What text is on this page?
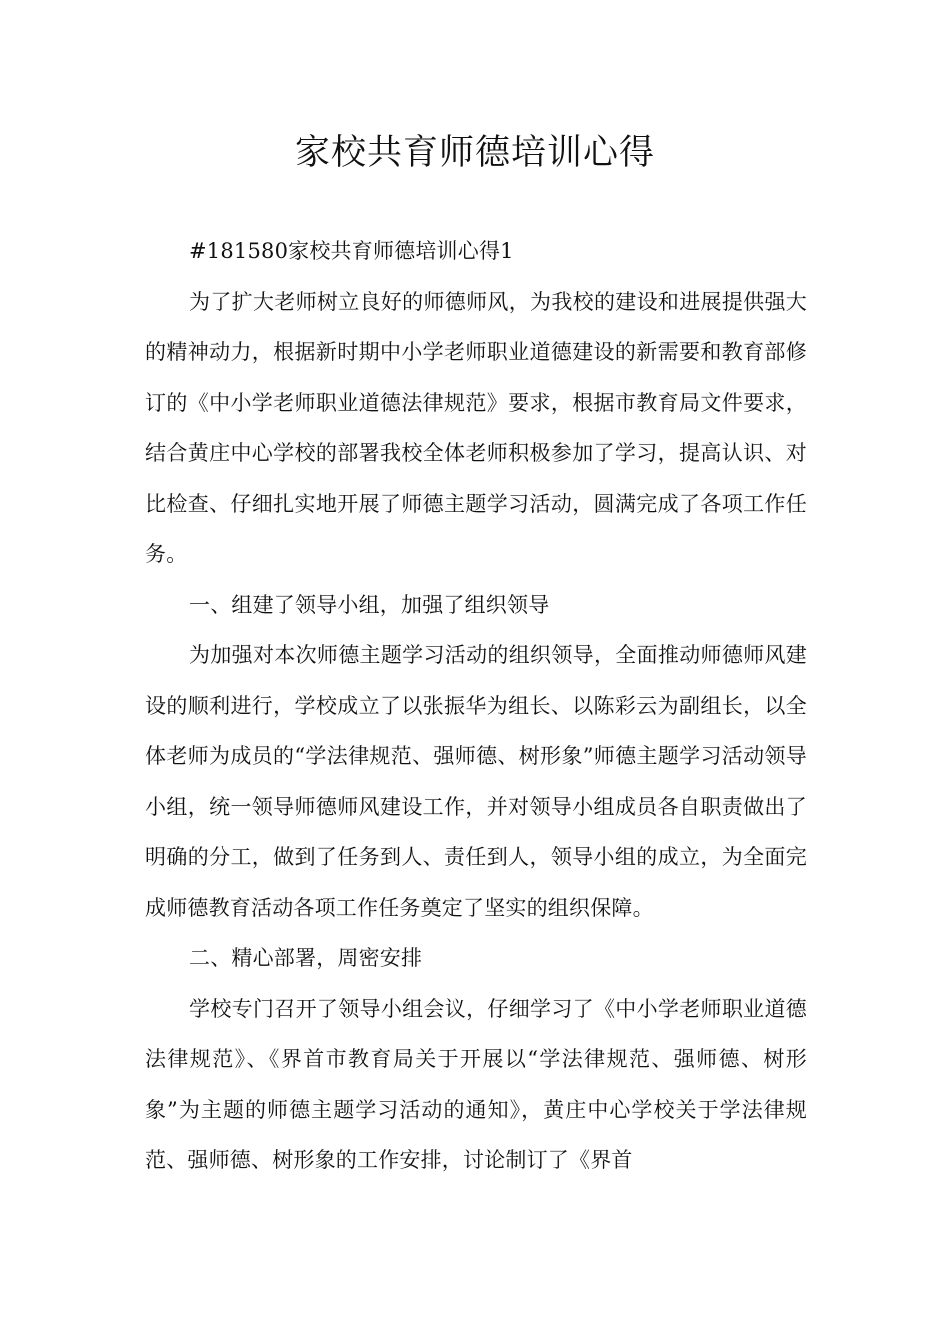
家校共育师德培训心得

#181580家校共育师德培训心得1

为了扩大老师树立良好的师德师风，为我校的建设和进展提供强大的精神动力，根据新时期中小学老师职业道德建设的新需要和教育部修订的《中小学老师职业道德法律规范》要求，根据市教育局文件要求，结合黄庄中心学校的部署我校全体老师积极参加了学习，提高认识、对比检查、仔细扎实地开展了师德主题学习活动，圆满完成了各项工作任务。

一、组建了领导小组，加强了组织领导

为加强对本次师德主题学习活动的组织领导，全面推动师德师风建设的顺利进行，学校成立了以张振华为组长、以陈彩云为副组长，以全体老师为成员的“学法律规范、强师德、树形象”师德主题学习活动领导小组，统一领导师德师风建设工作，并对领导小组成员各自职责做出了明确的分工，做到了任务到人、责任到人，领导小组的成立，为全面完成师德教育活动各项工作任务奠定了坚实的组织保障。

二、精心部署，周密安排

学校专门召开了领导小组会议，仔细学习了《中小学老师职业道德法律规范》、《界首市教育局关于开展以“学法律规范、强师德、树形象”为主题的师德主题学习活动的通知》，黄庄中心学校关于学法律规范、强师德、树形象的工作安排，讨论制订了《界首
